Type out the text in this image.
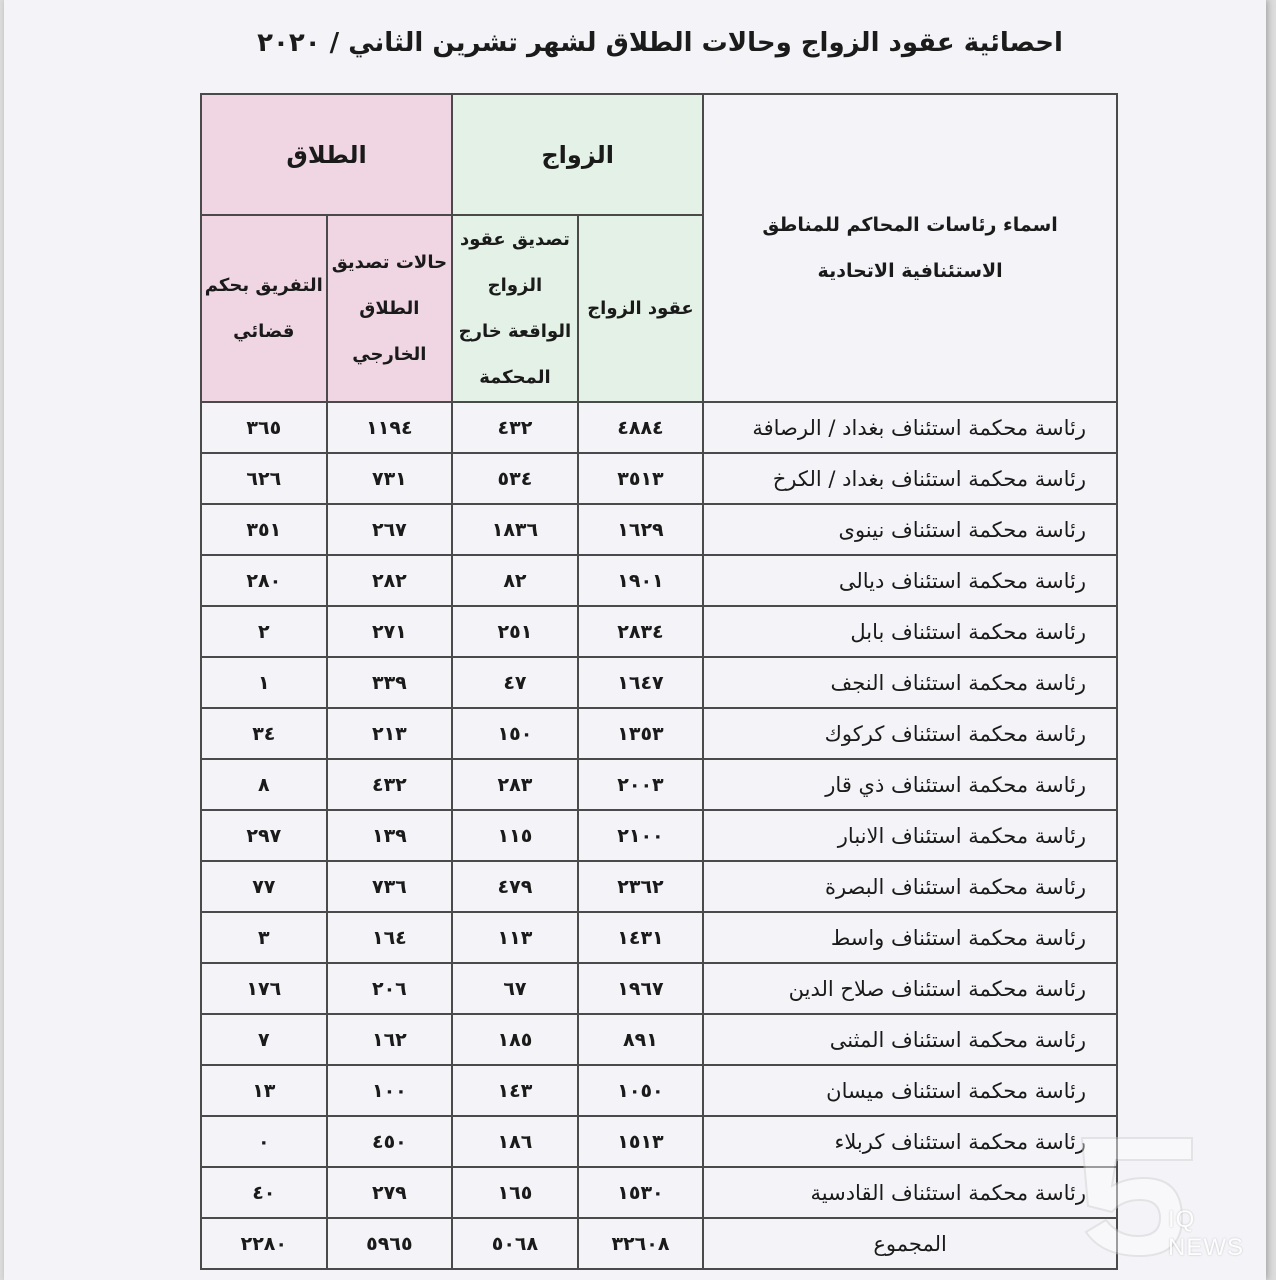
احصائية عقود الزواج وحالات الطلاق لشهر تشرين الثاني / ٢٠٢٠
اسماء رئاسات المحاكم للمناطق الاستئنافية الاتحادية	الزواج		الطلاق	
	عقود الزواج	تصديق عقود الزواج الواقعة خارج المحكمة	حالات تصديق الطلاق الخارجي	التفريق بحكم قضائي
رئاسة محكمة استئناف بغداد / الرصافة	٤٨٨٤	٤٣٢	١١٩٤	٣٦٥
رئاسة محكمة استئناف بغداد / الكرخ	٣٥١٣	٥٣٤	٧٣١	٦٢٦
رئاسة محكمة استئناف نينوى	١٦٢٩	١٨٣٦	٢٦٧	٣٥١
رئاسة محكمة استئناف ديالى	١٩٠١	٨٢	٢٨٢	٢٨٠
رئاسة محكمة استئناف بابل	٢٨٣٤	٢٥١	٢٧١	٢
رئاسة محكمة استئناف النجف	١٦٤٧	٤٧	٣٣٩	١
رئاسة محكمة استئناف كركوك	١٣٥٣	١٥٠	٢١٣	٣٤
رئاسة محكمة استئناف ذي قار	٢٠٠٣	٢٨٣	٤٣٢	٨
رئاسة محكمة استئناف الانبار	٢١٠٠	١١٥	١٣٩	٢٩٧
رئاسة محكمة استئناف البصرة	٢٣٦٢	٤٧٩	٧٣٦	٧٧
رئاسة محكمة استئناف واسط	١٤٣١	١١٣	١٦٤	٣
رئاسة محكمة استئناف صلاح الدين	١٩٦٧	٦٧	٢٠٦	١٧٦
رئاسة محكمة استئناف المثنى	٨٩١	١٨٥	١٦٢	٧
رئاسة محكمة استئناف ميسان	١٠٥٠	١٤٣	١٠٠	١٣
رئاسة محكمة استئناف كربلاء	١٥١٣	١٨٦	٤٥٠	٠
رئاسة محكمة استئناف القادسية	١٥٣٠	١٦٥	٢٧٩	٤٠
المجموع	٣٢٦٠٨	٥٠٦٨	٥٩٦٥	٢٢٨٠
IQ NEWS
